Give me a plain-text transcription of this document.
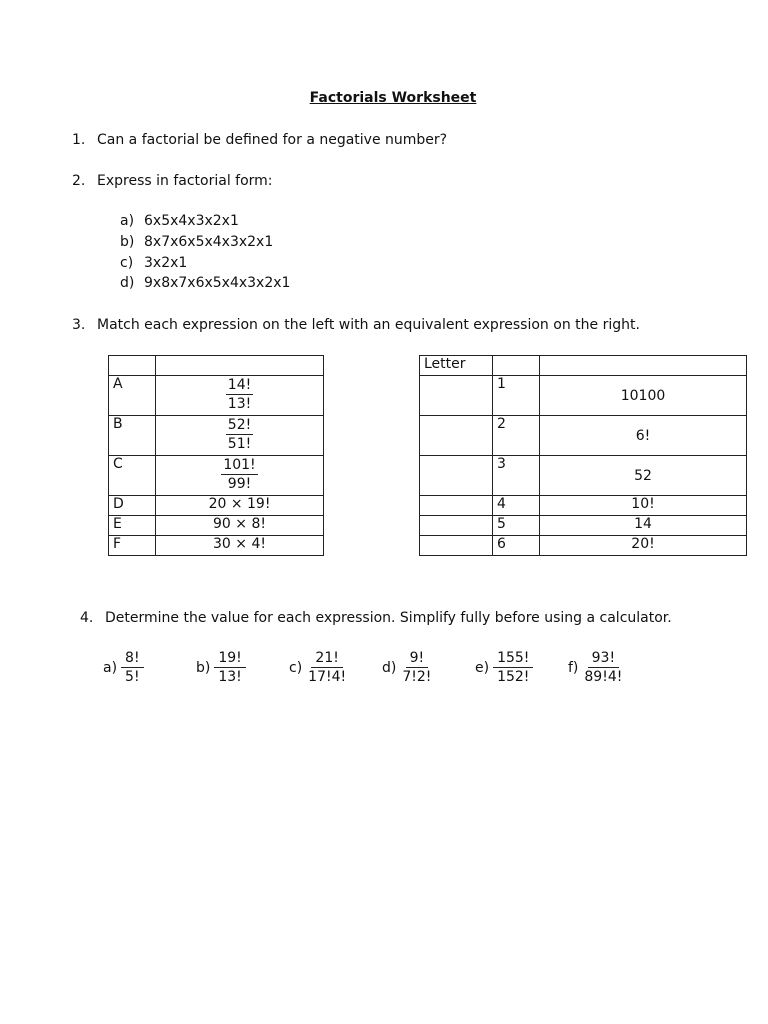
Factorials Worksheet
1. Can a factorial be defined for a negative number?
2. Express in factorial form:
a) 6x5x4x3x2x1
b) 8x7x6x5x4x3x2x1
c) 3x2x1
d) 9x8x7x6x5x4x3x2x1
3. Match each expression on the left with an equivalent expression on the right.

A	$\frac{14!}{13!}$

B	$\frac{52!}{51!}$

C	$\frac{101!}{99!}$

D	20 × 19!
E	90 × 8!
F	30 × 4!
Letter		
	1	10100
	2	6!
	3	52
	4	10!
	5	14
	6	20!
4. Determine the value for each expression. Simplify fully before using a calculator.
$a) \frac{8!}{5!}$	$b) \frac{19!}{13!}$	$c) \frac{21!}{17!4!} d) \frac{9!}{7!2!}$	$e) \frac{155!}{152!} f) \frac{93!}{89!4!}$
